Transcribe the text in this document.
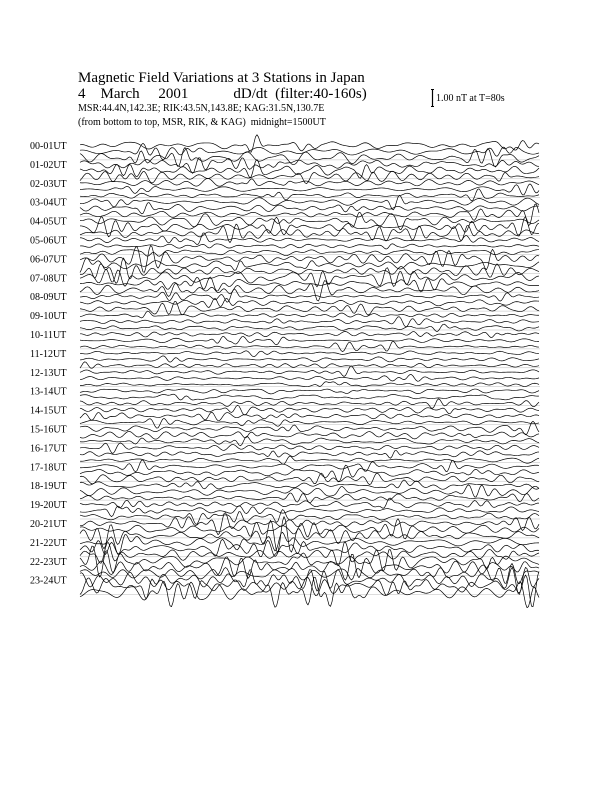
Magnetic Field Variations at 3 Stations in Japan
4 March 2001	dD/dt (filter:40-160s)
MSR:44.4N,142.3E; RIK:43.5N,143.8E; KAG:31.5N,130.7E
(from bottom to top, MSR, RIK, & KAG) midnight=1500UT
1.00 nT at T=80s
00-01UT
01-02UT
02-03UT
03-04UT
04-05UT
05-06UT
06-07UT
07-08UT
08-09UT
09-10UT
10-11UT
11-12UT
12-13UT
13-14UT
14-15UT
15-16UT
16-17UT
17-18UT
18-19UT
19-20UT
20-21UT
21-22UT
22-23UT
23-24UT
